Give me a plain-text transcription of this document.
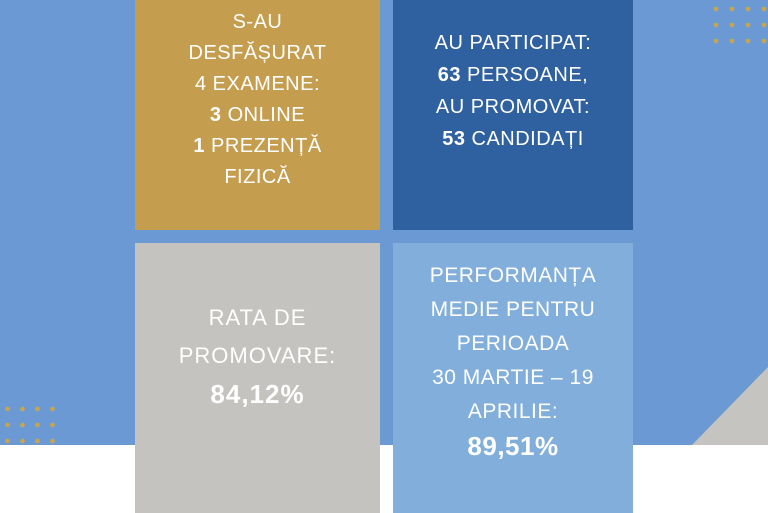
S-AU
DESFĂȘURAT
4 EXAMENE:
3 ONLINE
1 PREZENȚĂ
FIZICĂ
AU PARTICIPAT:
63 PERSOANE,
AU PROMOVAT:
53 CANDIDAȚI
RATA DE
PROMOVARE:
84,12%
PERFORMANȚA
MEDIE PENTRU
PERIOADA
30 MARTIE – 19
APRILIE:
89,51%
